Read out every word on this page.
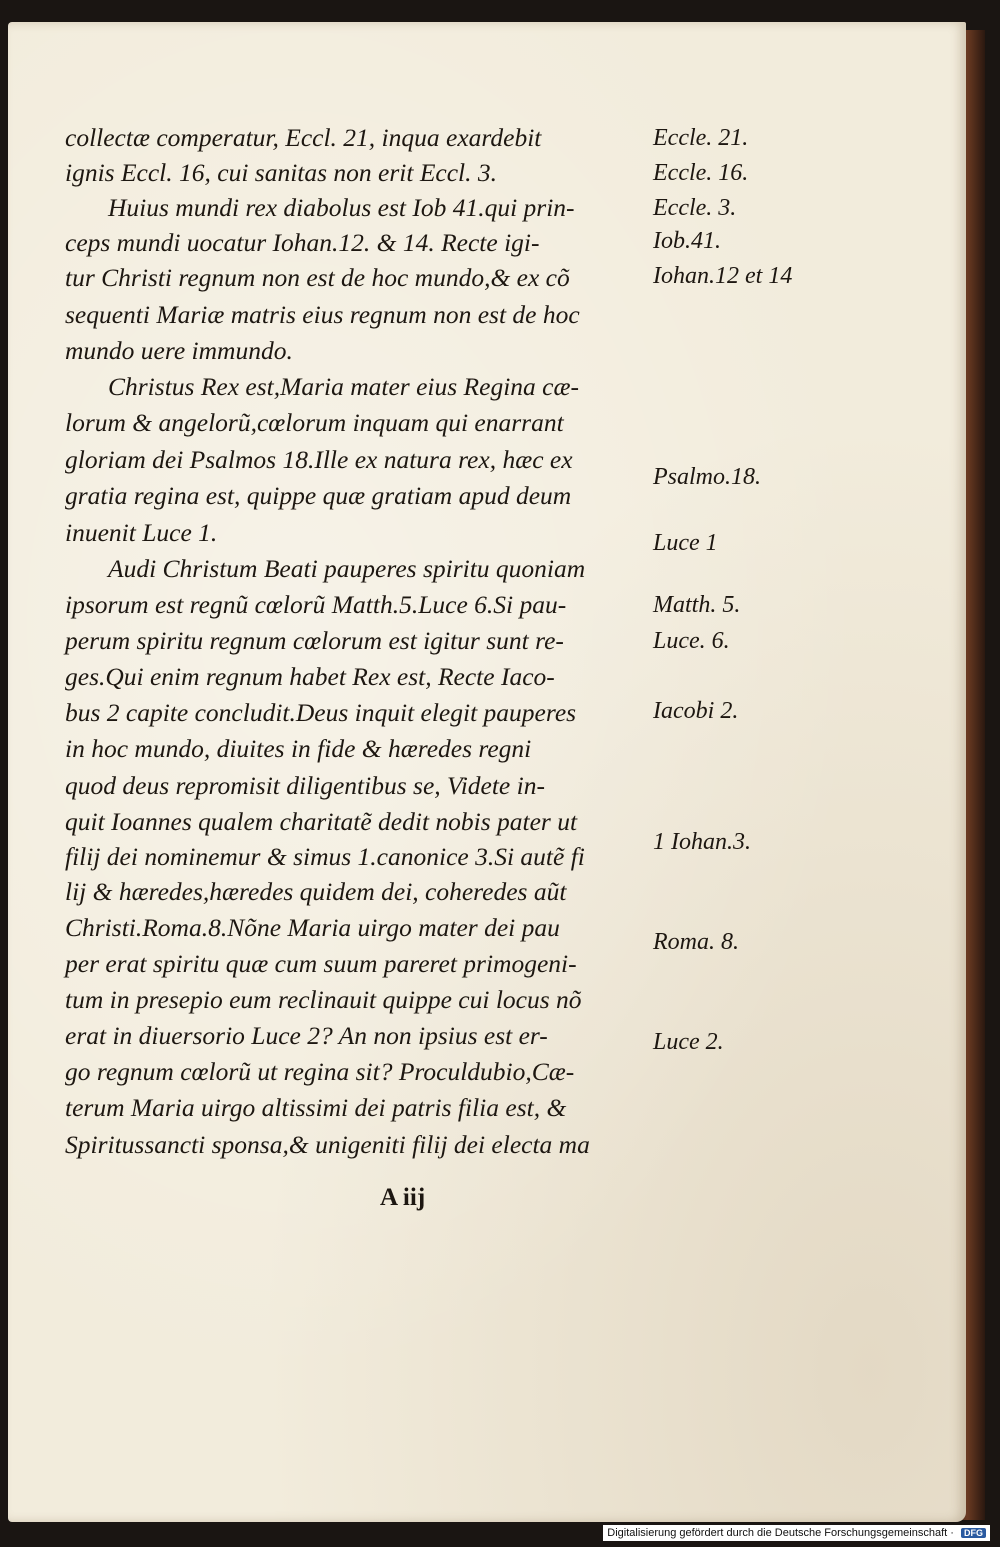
collectæ comperatur, Eccl. 21, inqua exardebit
ignis Eccl. 16, cui sanitas non erit Eccl. 3.
Huius mundi rex diabolus est Iob 41.qui prin-
ceps mundi uocatur Iohan.12. & 14. Recte igi-
tur Christi regnum non est de hoc mundo,& ex cõ
sequenti Mariæ matris eius regnum non est de hoc
mundo uere immundo.
Christus Rex est,Maria mater eius Regina cæ-
lorum & angelorũ,cœlorum inquam qui enarrant
gloriam dei Psalmos 18.Ille ex natura rex, hæc ex
gratia regina est, quippe quæ gratiam apud deum
inuenit Luce 1.
Audi Christum Beati pauperes spiritu quoniam
ipsorum est regnũ cœlorũ Matth.5.Luce 6.Si pau-
perum spiritu regnum cœlorum est igitur sunt re-
ges.Qui enim regnum habet Rex est, Recte Iaco-
bus 2 capite concludit.Deus inquit elegit pauperes
in hoc mundo, diuites in fide & hæredes regni
quod deus repromisit diligentibus se, Videte in-
quit Ioannes qualem charitatẽ dedit nobis pater ut
filij dei nominemur & simus 1.canonice 3.Si autẽ fi
lij & hæredes,hæredes quidem dei, coheredes aũt
Christi.Roma.8.Nõne Maria uirgo mater dei pau
per erat spiritu quæ cum suum pareret primogeni-
tum in presepio eum reclinauit quippe cui locus nõ
erat in diuersorio Luce 2? An non ipsius est er-
go regnum cœlorũ ut regina sit? Proculdubio,Cæ-
terum Maria uirgo altissimi dei patris filia est, &
Spiritussancti sponsa,& unigeniti filij dei electa ma
Eccle. 21.
Eccle. 16.
Eccle. 3.
Iob.41.
Iohan.12 et 14
Psalmo.18.
Luce 1
Matth. 5.
Luce. 6.
Iacobi 2.
1 Iohan.3.
Roma. 8.
Luce 2.
A iij
Digitalisierung gefördert durch die Deutsche Forschungsgemeinschaft · DFG
